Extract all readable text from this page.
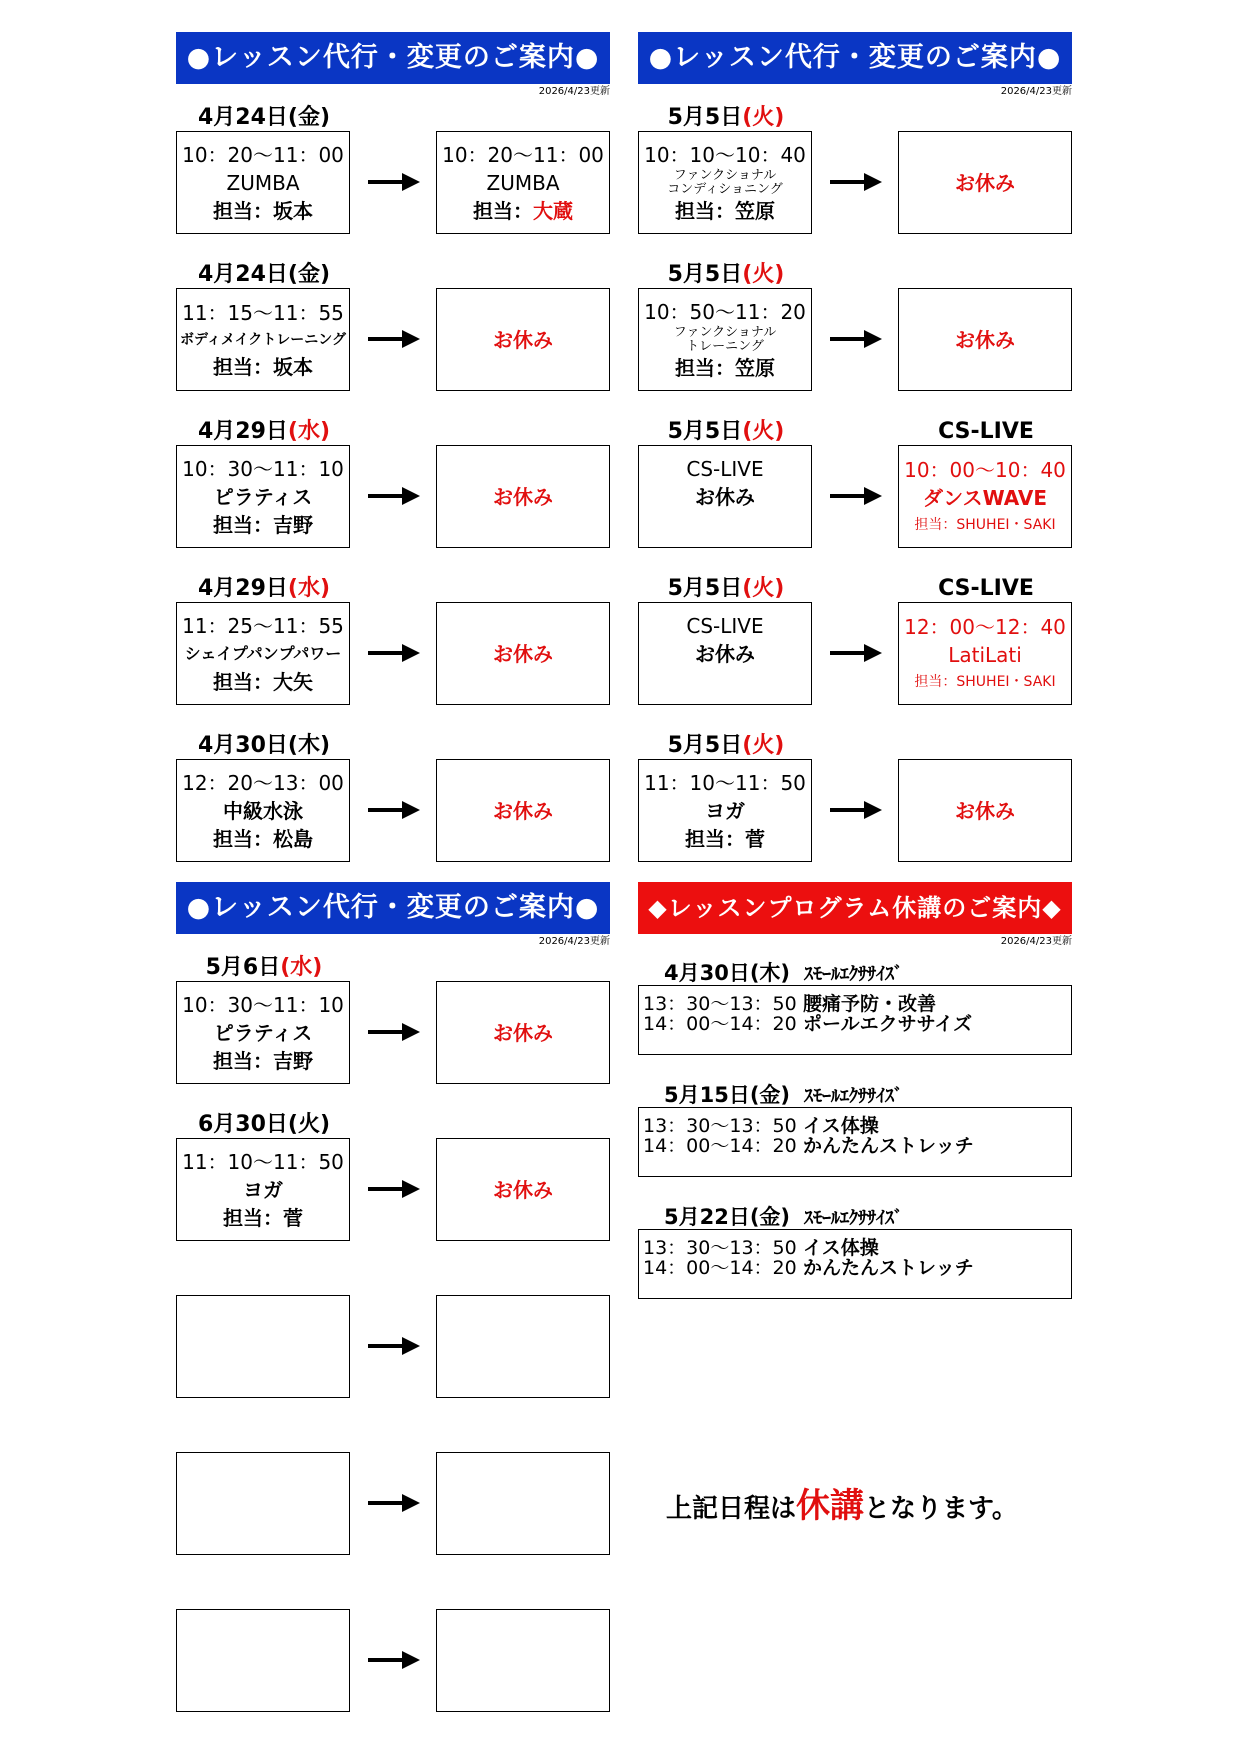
●レッスン代行・変更のご案内●
2026/4/23更新
4月24日(金)
10：20～11：00
ZUMBA
担当：坂本
10：20～11：00
ZUMBA
担当：大蔵
4月24日(金)
11：15～11：55
ボディメイクトレーニング
担当：坂本
お休み
4月29日(水)
10：30～11：10
ピラティス
担当：吉野
お休み
4月29日(水)
11：25～11：55
シェイプパンプパワー
担当：大矢
お休み
4月30日(木)
12：20～13：00
中級水泳
担当：松島
お休み
●レッスン代行・変更のご案内●
2026/4/23更新
5月5日(火)
10：10～10：40
ファンクショナル
コンディショニング
担当：笠原
お休み
5月5日(火)
10：50～11：20
ファンクショナル
トレーニング
担当：笠原
お休み
5月5日(火)	CS-LIVE
CS-LIVE
お休み

10：00～10：40
ダンスWAVE
担当：SHUHEI・SAKI
5月5日(火)	CS-LIVE
CS-LIVE
お休み

12：00～12：40
LatiLati
担当：SHUHEI・SAKI
5月5日(火)
11：10～11：50
ヨガ
担当：菅
お休み
●レッスン代行・変更のご案内●
2026/4/23更新
5月6日(水)
10：30～11：10
ピラティス
担当：吉野
お休み
6月30日(火)
11：10～11：50
ヨガ
担当：菅
お休み
◆レッスンプログラム休講のご案内◆
2026/4/23更新
4月30日(木) ｽﾓｰﾙｴｸｻｻｲｽﾞ
13：30～13：50 腰痛予防・改善
14：00～14：20 ポールエクササイズ
5月15日(金) ｽﾓｰﾙｴｸｻｻｲｽﾞ
13：30～13：50 イス体操
14：00～14：20 かんたんストレッチ
5月22日(金) ｽﾓｰﾙｴｸｻｻｲｽﾞ
13：30～13：50 イス体操
14：00～14：20 かんたんストレッチ
上記日程は休講となります。
